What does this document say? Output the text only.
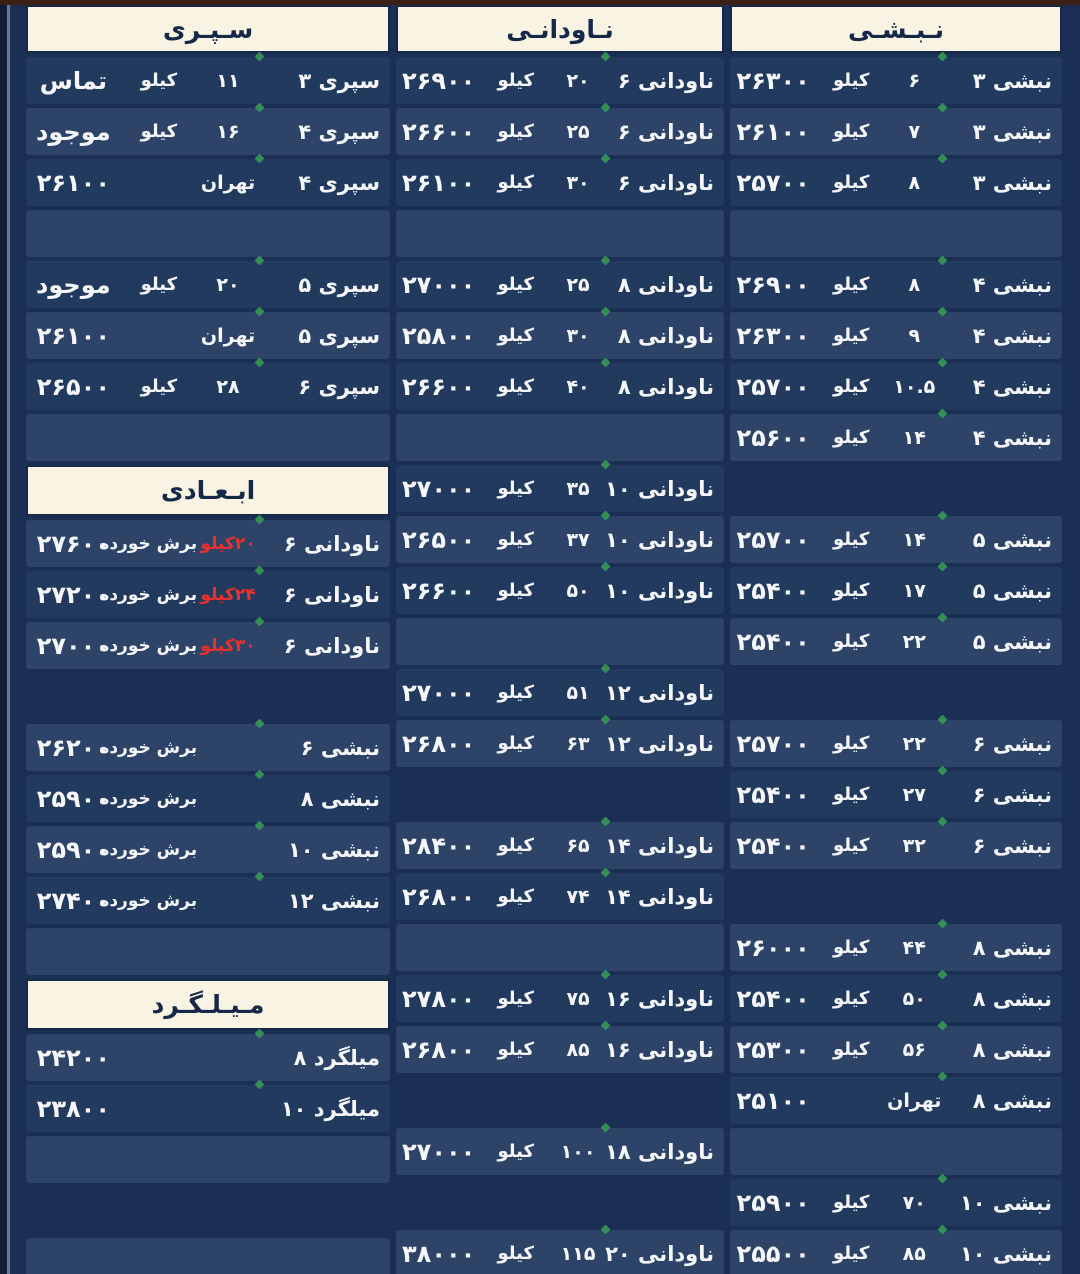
نـبـشـی
نبشی ۳
۶
کیلو
۲۶۳۰۰
نبشی ۳
۷
کیلو
۲۶۱۰۰
نبشی ۳
۸
کیلو
۲۵۷۰۰
نبشی ۴
۸
کیلو
۲۶۹۰۰
نبشی ۴
۹
کیلو
۲۶۳۰۰
نبشی ۴
۱۰.۵
کیلو
۲۵۷۰۰
نبشی ۴
۱۴
کیلو
۲۵۶۰۰
نبشی ۵
۱۴
کیلو
۲۵۷۰۰
نبشی ۵
۱۷
کیلو
۲۵۴۰۰
نبشی ۵
۲۲
کیلو
۲۵۴۰۰
نبشی ۶
۲۲
کیلو
۲۵۷۰۰
نبشی ۶
۲۷
کیلو
۲۵۴۰۰
نبشی ۶
۳۲
کیلو
۲۵۴۰۰
نبشی ۸
۴۴
کیلو
۲۶۰۰۰
نبشی ۸
۵۰
کیلو
۲۵۴۰۰
نبشی ۸
۵۶
کیلو
۲۵۳۰۰
نبشی ۸
تهران
۲۵۱۰۰
نبشی ۱۰
۷۰
کیلو
۲۵۹۰۰
نبشی ۱۰
۸۵
کیلو
۲۵۵۰۰
نـاودانـی
ناودانی ۶
۲۰
کیلو
۲۶۹۰۰
ناودانی ۶
۲۵
کیلو
۲۶۶۰۰
ناودانی ۶
۳۰
کیلو
۲۶۱۰۰
ناودانی ۸
۲۵
کیلو
۲۷۰۰۰
ناودانی ۸
۳۰
کیلو
۲۵۸۰۰
ناودانی ۸
۴۰
کیلو
۲۶۶۰۰
ناودانی ۱۰
۳۵
کیلو
۲۷۰۰۰
ناودانی ۱۰
۳۷
کیلو
۲۶۵۰۰
ناودانی ۱۰
۵۰
کیلو
۲۶۶۰۰
ناودانی ۱۲
۵۱
کیلو
۲۷۰۰۰
ناودانی ۱۲
۶۳
کیلو
۲۶۸۰۰
ناودانی ۱۴
۶۵
کیلو
۲۸۴۰۰
ناودانی ۱۴
۷۴
کیلو
۲۶۸۰۰
ناودانی ۱۶
۷۵
کیلو
۲۷۸۰۰
ناودانی ۱۶
۸۵
کیلو
۲۶۸۰۰
ناودانی ۱۸
۱۰۰
کیلو
۲۷۰۰۰
ناودانی ۲۰
۱۱۵
کیلو
۳۸۰۰۰
سـپـری
سپری ۳
۱۱
کیلو
تماس
سپری ۴
۱۶
کیلو
موجود
سپری ۴
تهران
۲۶۱۰۰
سپری ۵
۲۰
کیلو
موجود
سپری ۵
تهران
۲۶۱۰۰
سپری ۶
۲۸
کیلو
۲۶۵۰۰
ابـعـادی
ناودانی ۶
۲۰کیلو
برش خورده
۲۷۶۰۰
ناودانی ۶
۲۴کیلو
برش خورده
۲۷۲۰۰
ناودانی ۶
۳۰کیلو
برش خورده
۲۷۰۰۰
نبشی ۶
برش خورده
۲۶۲۰۰
نبشی ۸
برش خورده
۲۵۹۰۰
نبشی ۱۰
برش خورده
۲۵۹۰۰
نبشی ۱۲
برش خورده
۲۷۴۰۰
مـیـلـگـرد
میلگرد ۸
۲۴۲۰۰
میلگرد ۱۰
۲۳۸۰۰
